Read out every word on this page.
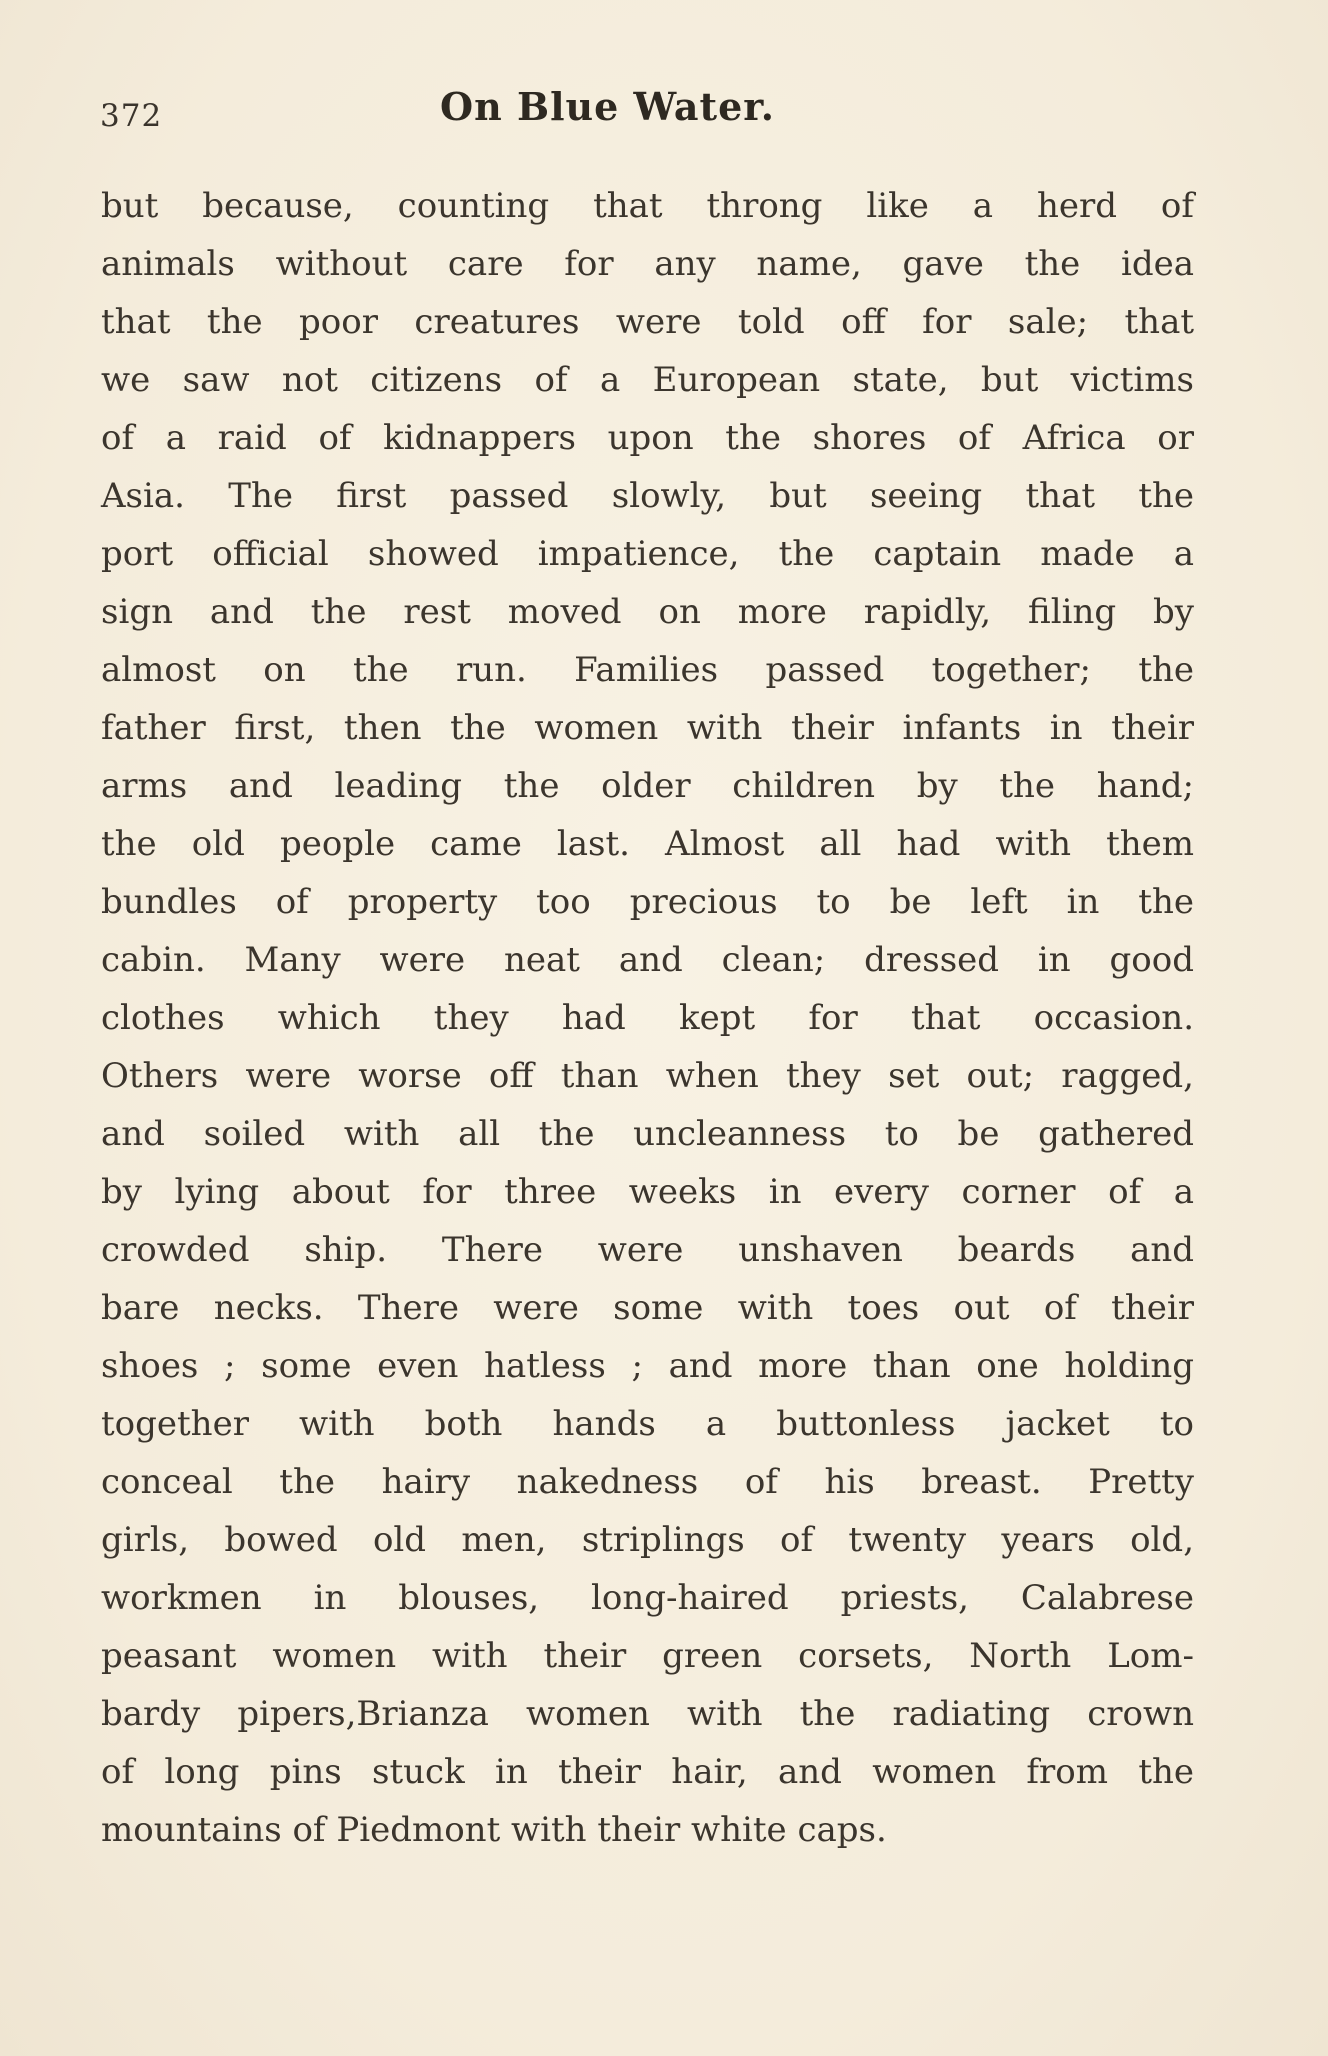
372	On Blue Water.
but because, counting that throng like a herd of
animals without care for any name, gave the idea
that the poor creatures were told off for sale; that
we saw not citizens of a European state, but victims
of a raid of kidnappers upon the shores of Africa or
Asia. The first passed slowly, but seeing that the
port official showed impatience, the captain made a
sign and the rest moved on more rapidly, filing by
almost on the run. Families passed together; the
father first, then the women with their infants in their
arms and leading the older children by the hand;
the old people came last. Almost all had with them
bundles of property too precious to be left in the
cabin. Many were neat and clean; dressed in good
clothes which they had kept for that occasion.
Others were worse off than when they set out; ragged,
and soiled with all the uncleanness to be gathered
by lying about for three weeks in every corner of a
crowded ship. There were unshaven beards and
bare necks. There were some with toes out of their
shoes ; some even hatless ; and more than one holding
together with both hands a buttonless jacket to
conceal the hairy nakedness of his breast. Pretty
girls, bowed old men, striplings of twenty years old,
workmen in blouses, long-haired priests, Calabrese
peasant women with their green corsets, North Lom-
bardy pipers,Brianza women with the radiating crown
of long pins stuck in their hair, and women from the
mountains of Piedmont with their white caps.
